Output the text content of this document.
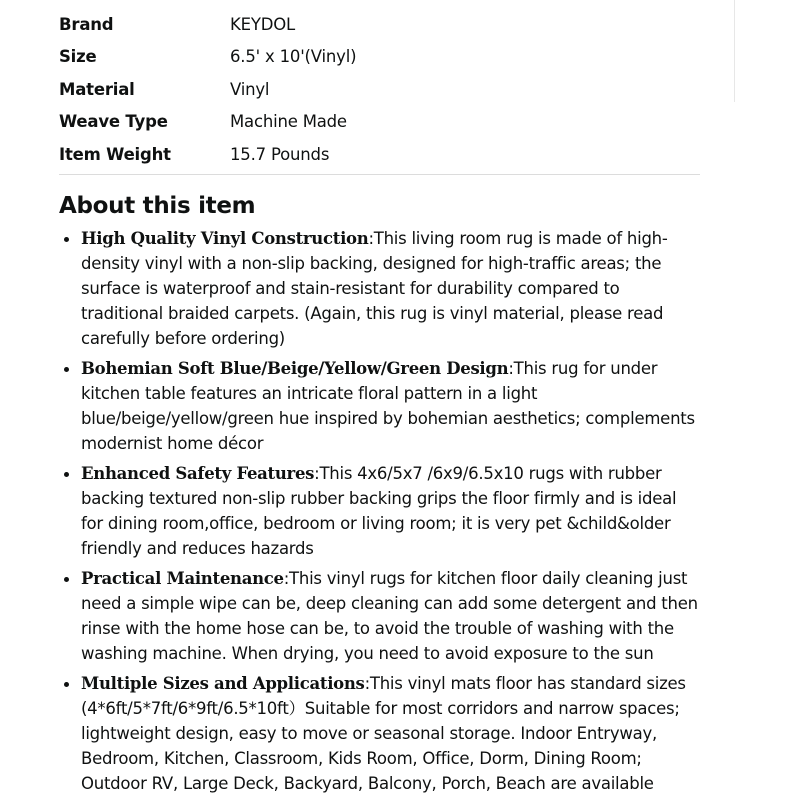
Brand	KEYDOL
Size	6.5' x 10'(Vinyl)
Material	Vinyl
Weave Type	Machine Made
Item Weight	15.7 Pounds
About this item
High Quality Vinyl Construction:This living room rug is made of high-density vinyl with a non-slip backing, designed for high-traffic areas; the surface is waterproof and stain-resistant for durability compared to traditional braided carpets. (Again, this rug is vinyl material, please read carefully before ordering)
Bohemian Soft Blue/Beige/Yellow/Green Design:This rug for under kitchen table features an intricate floral pattern in a light blue/beige/yellow/green hue inspired by bohemian aesthetics; complements modernist home décor
Enhanced Safety Features:This 4x6/5x7 /6x9/6.5x10 rugs with rubber backing textured non-slip rubber backing grips the floor firmly and is ideal for dining room,office, bedroom or living room; it is very pet &child&older friendly and reduces hazards
Practical Maintenance:This vinyl rugs for kitchen floor daily cleaning just need a simple wipe can be, deep cleaning can add some detergent and then rinse with the home hose can be, to avoid the trouble of washing with the washing machine. When drying, you need to avoid exposure to the sun
Multiple Sizes and Applications:This vinyl mats floor has standard sizes (4*6ft/5*7ft/6*9ft/6.5*10ft）Suitable for most corridors and narrow spaces; lightweight design, easy to move or seasonal storage. Indoor Entryway, Bedroom, Kitchen, Classroom, Kids Room, Office, Dorm, Dining Room; Outdoor RV, Large Deck, Backyard, Balcony, Porch, Beach are available
